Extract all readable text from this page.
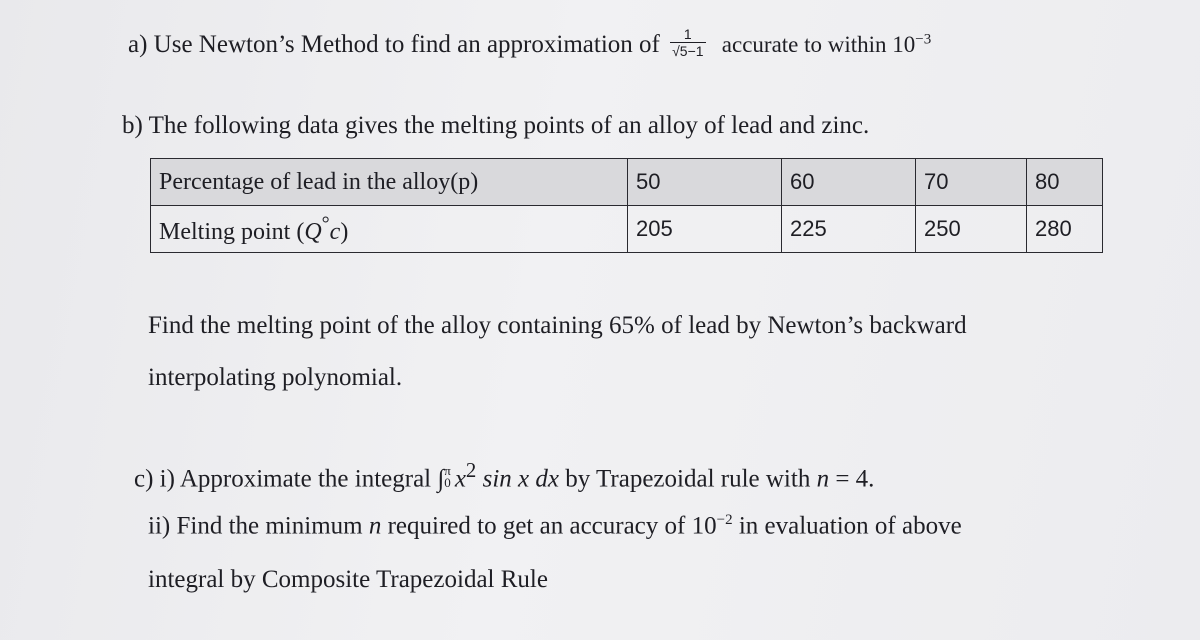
a) Use Newton’s Method to find an approximation of $\frac{1}{√5-1}$ accurate to within $10^{-3}$
b) The following data gives the melting points of an alloy of lead and zinc.
Percentage of lead in the alloy(p)	50	60	70	80
Melting point (Q°c)	205	225	250	280
Find the melting point of the alloy containing 65% of lead by Newton’s backward
interpolating polynomial.
c) i) Approximate the integral ∫ π
0 $x^2$ sin x dx by Trapezoidal rule with n = 4.
ii) Find the minimum n required to get an accuracy of $10^{-2}$ in evaluation of above
integral by Composite Trapezoidal Rule
